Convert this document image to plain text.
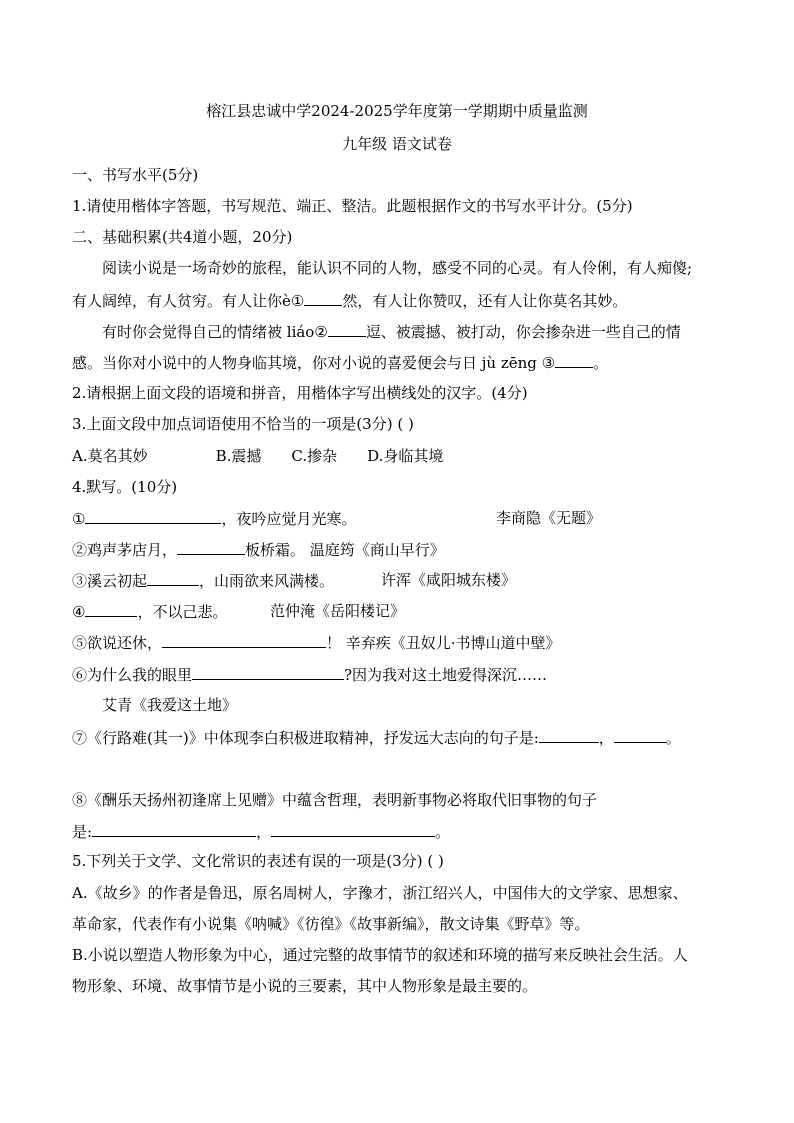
榕江县忠诚中学2024-2025学年度第一学期期中质量监测
九年级 语文试卷
一、书写水平(5分)
1.请使用楷体字答题，书写规范、端正、整洁。此题根据作文的书写水平计分。(5分)
二、基础积累(共4道小题，20分)
阅读小说是一场奇妙的旅程，能认识不同的人物，感受不同的心灵。有人伶俐，有人痴傻;
有人阔绰，有人贫穷。有人让你è①	然，有人让你赞叹，还有人让你莫名其妙。
有时你会觉得自己的情绪被 liáo②	逗、被震撼、被打动，你会掺杂进一些自己的情
感。当你对小说中的人物身临其境，你对小说的喜爱便会与日 jù zēng ③	。
2.请根据上面文段的语境和拼音，用楷体字写出横线处的汉字。(4分)
3.上面文段中加点词语使用不恰当的一项是(3分) ( )
A.莫名其妙	B.震撼 C.掺杂 D.身临其境
4.默写。(10分)
①	，夜吟应觉月光寒。	李商隐《无题》
②鸡声茅店月，	板桥霜。 温庭筠《商山早行》
③溪云初起	，山雨欲来风满楼。	许浑《咸阳城东楼》
④	，不以己悲。	范仲淹《岳阳楼记》
⑤欲说还休，	！ 辛弃疾《丑奴儿·书博山道中壁》
⑥为什么我的眼里	?因为我对这土地爱得深沉……
艾青《我爱这土地》
⑦《行路难(其一)》中体现李白积极进取精神，抒发远大志向的句子是:	，	。
⑧《酬乐天扬州初逢席上见赠》中蕴含哲理，表明新事物必将取代旧事物的句子
是:	，	。
5.下列关于文学、文化常识的表述有误的一项是(3分) ( )
A.《故乡》的作者是鲁迅，原名周树人，字豫才，浙江绍兴人，中国伟大的文学家、思想家、
革命家，代表作有小说集《呐喊》《彷徨》《故事新编》，散文诗集《野草》等。
B.小说以塑造人物形象为中心，通过完整的故事情节的叙述和环境的描写来反映社会生活。人
物形象、环境、故事情节是小说的三要素，其中人物形象是最主要的。
